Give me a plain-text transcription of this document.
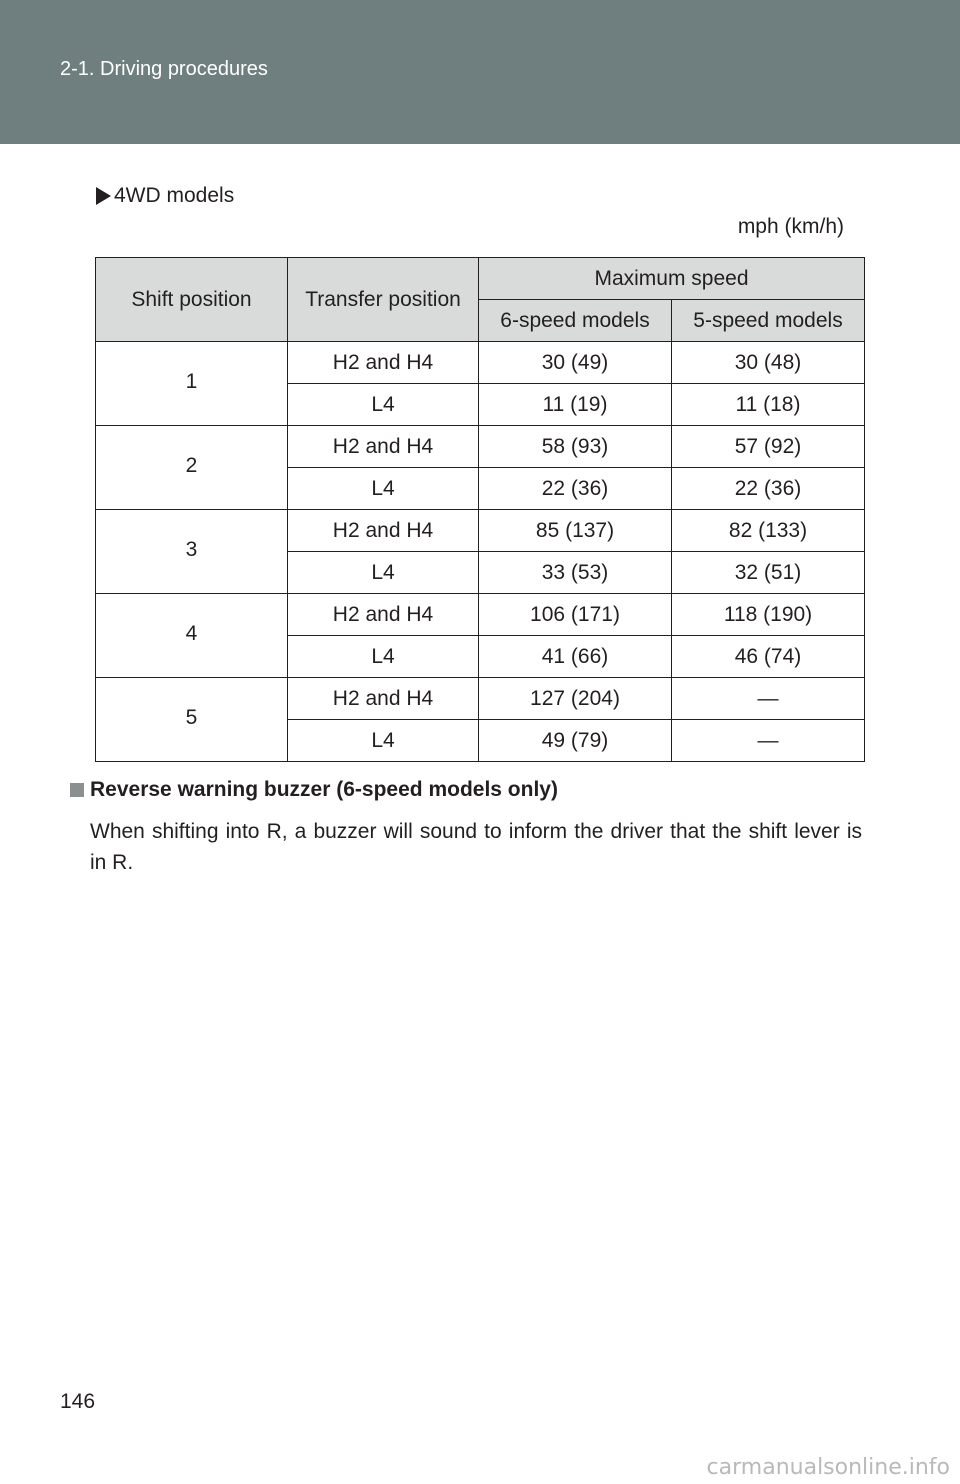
2-1. Driving procedures
4WD models
mph (km/h)
Shift position	Transfer position	Maximum speed	
		6-speed models	5-speed models
1	H2 and H4	30 (49)	30 (48)
	L4	11 (19)	11 (18)
2	H2 and H4	58 (93)	57 (92)
	L4	22 (36)	22 (36)
3	H2 and H4	85 (137)	82 (133)
	L4	33 (53)	32 (51)
4	H2 and H4	106 (171)	118 (190)
	L4	41 (66)	46 (74)
5	H2 and H4	127 (204)	—
	L4	49 (79)	—
Reverse warning buzzer (6-speed models only)
When shifting into R, a buzzer will sound to inform the driver that the shift lever is in R.
146
carmanualsonline.info
